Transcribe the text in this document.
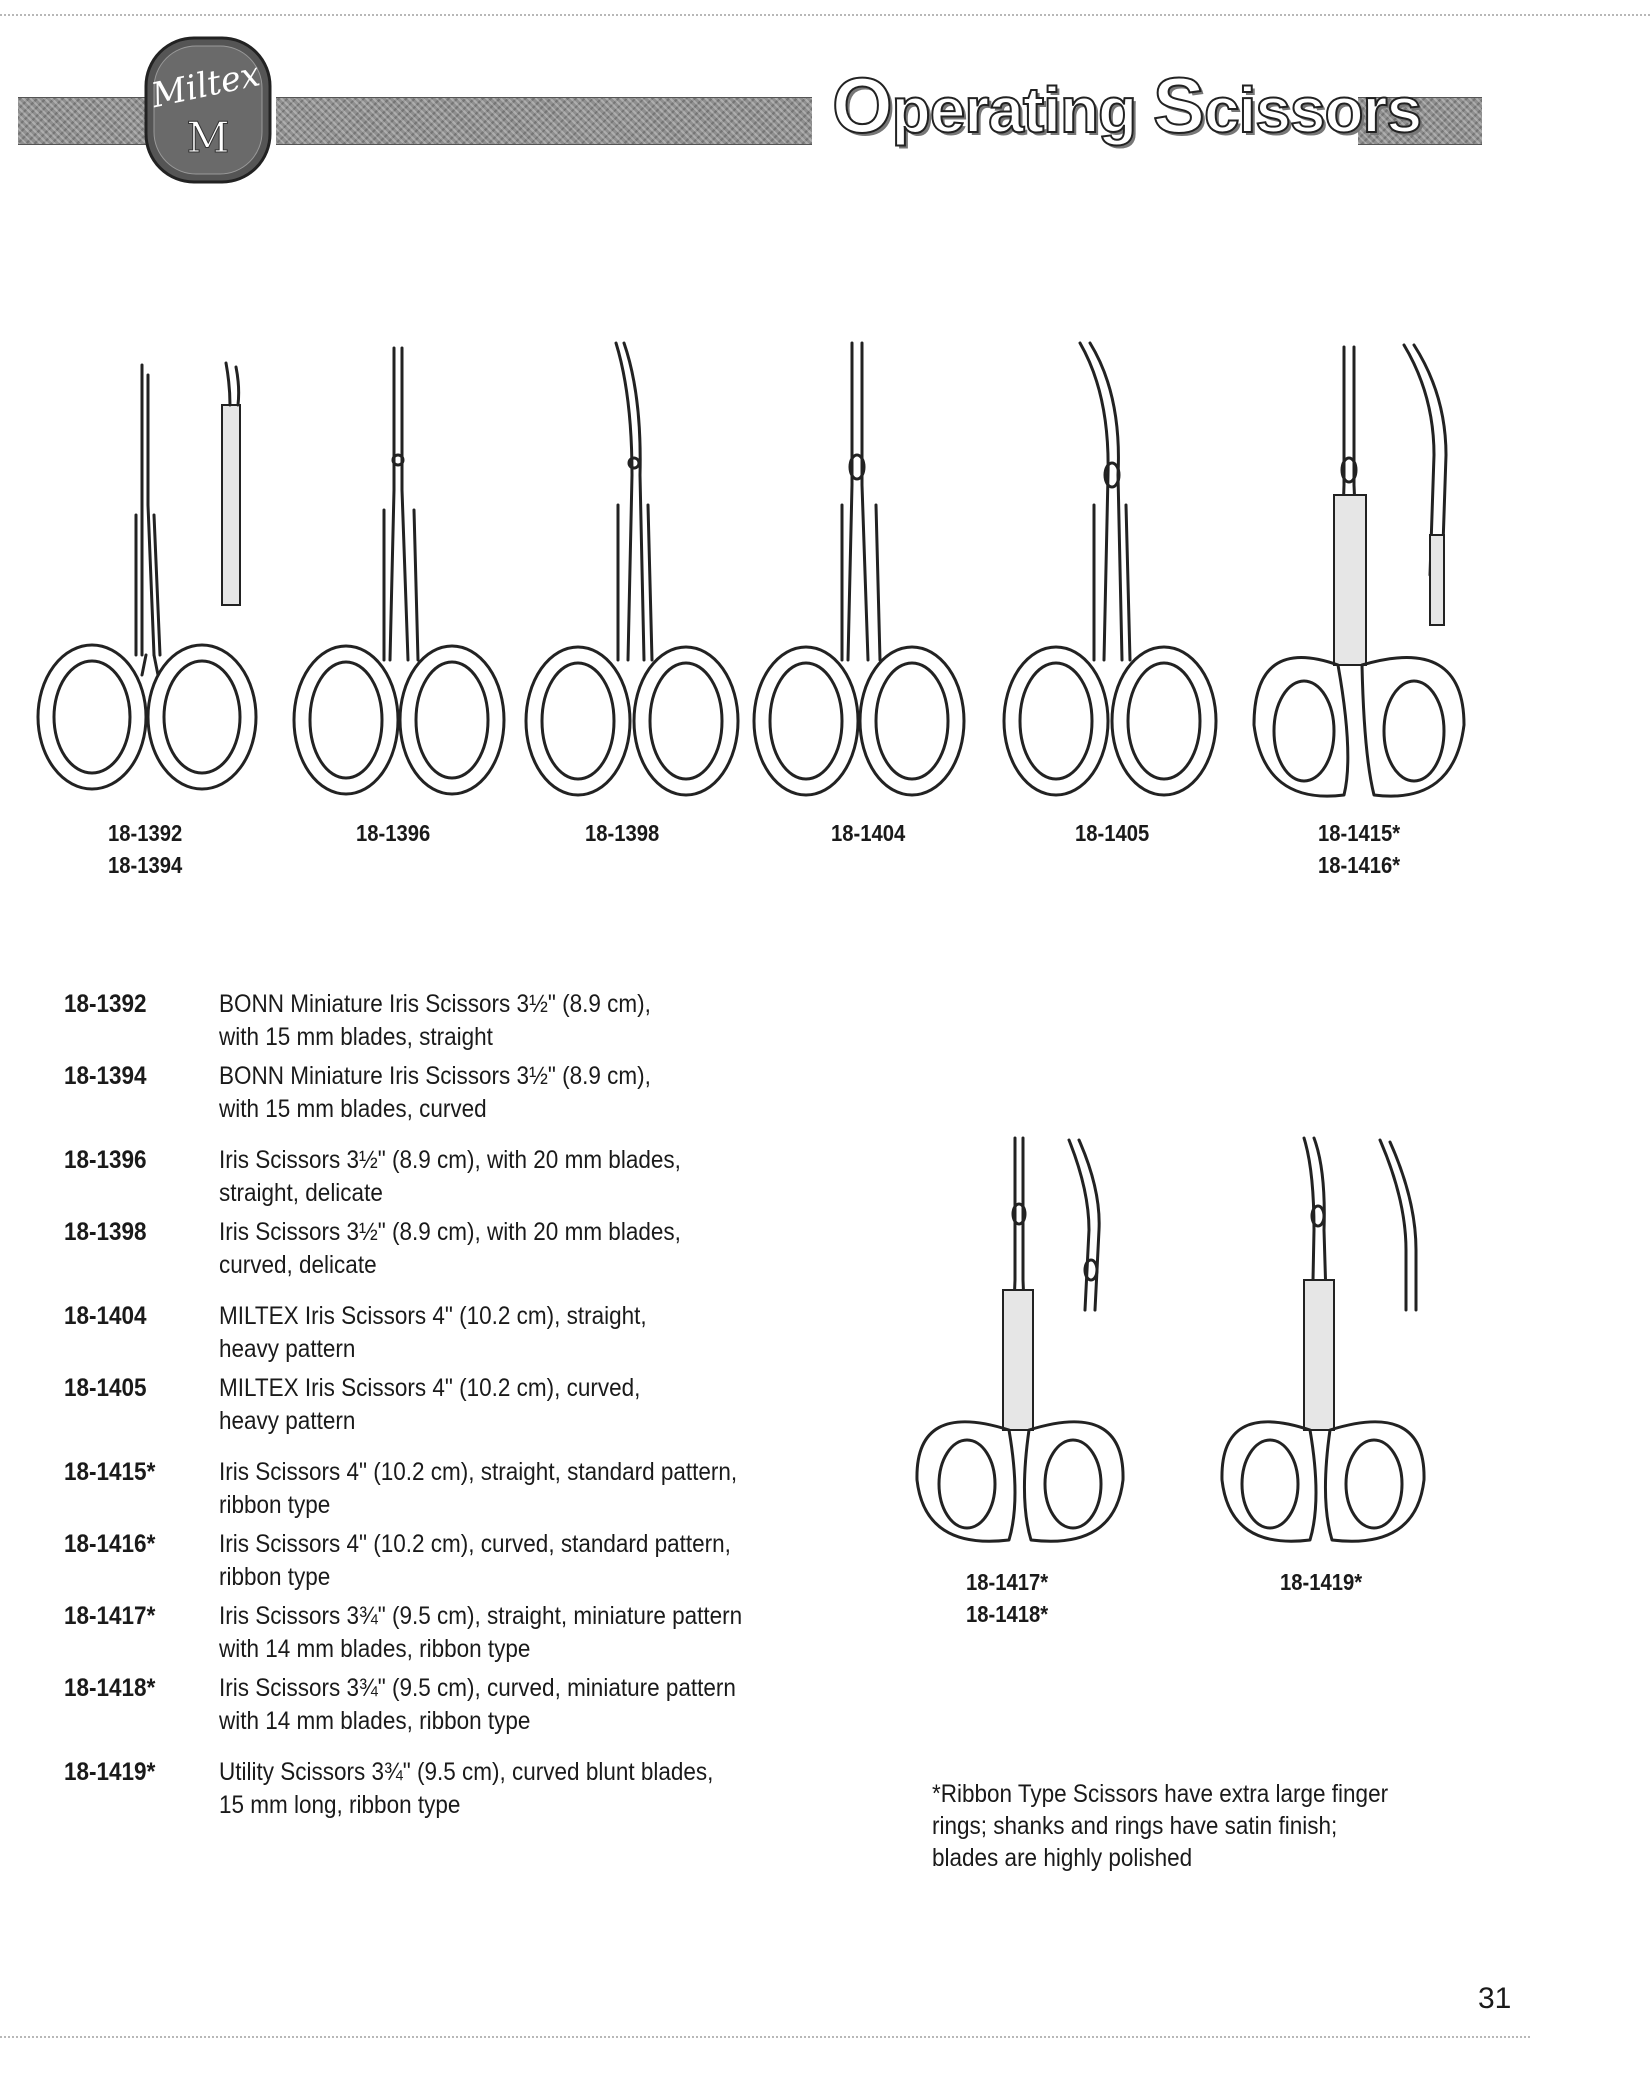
Miltex
M	Operating Scissors
18-1392
18-1394
18-1396	18-1398	18-1404	18-1405	18-1415*
18-1416*
18-1392	BONN Miniature Iris Scissors 3½" (8.9 cm),
with 15 mm blades, straight
18-1394	BONN Miniature Iris Scissors 3½" (8.9 cm),
with 15 mm blades, curved
18-1396	Iris Scissors 3½" (8.9 cm), with 20 mm blades,
straight, delicate
18-1398	Iris Scissors 3½" (8.9 cm), with 20 mm blades,
curved, delicate
18-1404	MILTEX Iris Scissors 4" (10.2 cm), straight,
heavy pattern
18-1405	MILTEX Iris Scissors 4" (10.2 cm), curved,
heavy pattern
18-1415*	Iris Scissors 4" (10.2 cm), straight, standard pattern,
ribbon type
18-1416*	Iris Scissors 4" (10.2 cm), curved, standard pattern,
ribbon type
18-1417*	Iris Scissors 3¾" (9.5 cm), straight, miniature pattern
with 14 mm blades, ribbon type
18-1418*	Iris Scissors 3¾" (9.5 cm), curved, miniature pattern
with 14 mm blades, ribbon type
18-1419*	Utility Scissors 3¾" (9.5 cm), curved blunt blades,
15 mm long, ribbon type
18-1417*
18-1418*
18-1419*
*Ribbon Type Scissors have extra large finger
rings; shanks and rings have satin finish;
blades are highly polished
31
